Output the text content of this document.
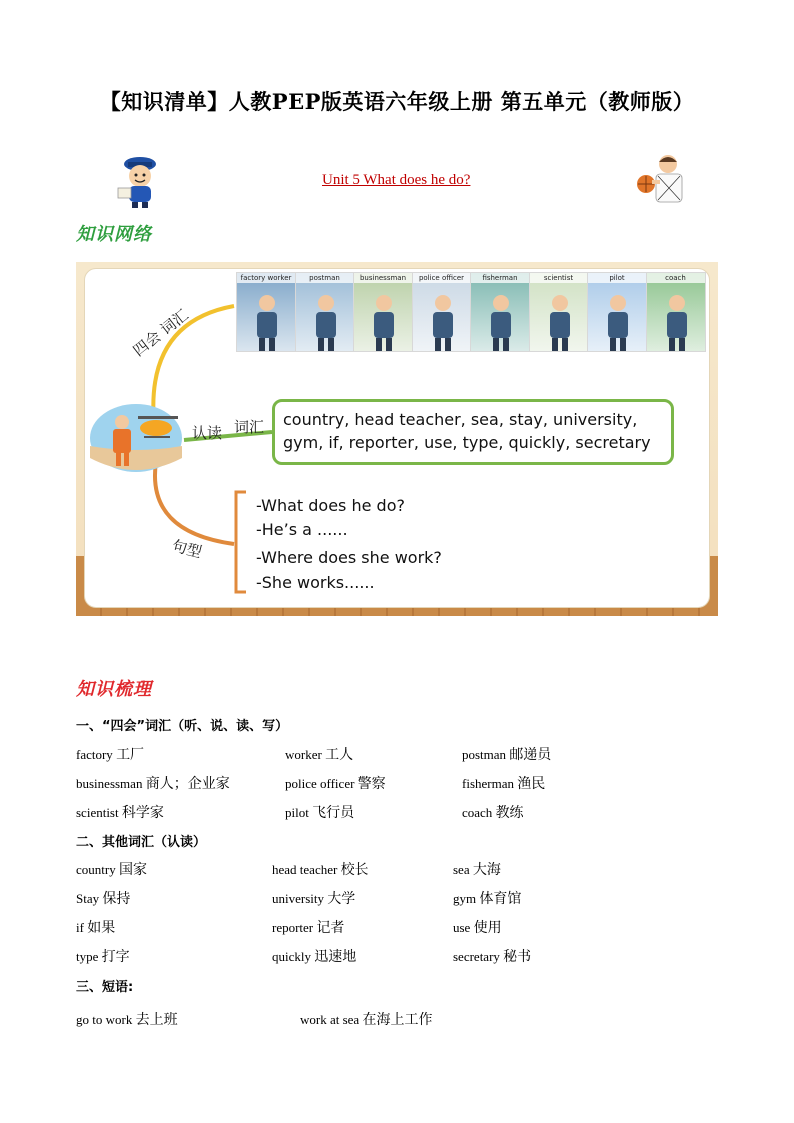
【知识清单】人教PEP版英语六年级上册 第五单元（教师版）
Unit 5 What does he do?
知识网络
四会 词汇
认读 词汇
句型
country, head teacher, sea, stay, university,
gym, if, reporter, use, type, quickly, secretary
-What does he do?
-He’s a ......
-Where does she work?
-She works......
factory worker	postman	businessman	police officer	fisherman	scientist	pilot	coach
知识梳理
一、“四会”词汇（听、说、读、写）
factory 工厂	worker 工人	postman 邮递员
businessman 商人；企业家	police officer 警察	fisherman 渔民
scientist 科学家	pilot 飞行员	coach 教练
二、其他词汇（认读）
country 国家	head teacher 校长	sea 大海
Stay 保持	university 大学	gym 体育馆
if 如果	reporter 记者	use 使用
type 打字	quickly 迅速地	secretary 秘书
三、短语:
go to work 去上班	work at sea 在海上工作
